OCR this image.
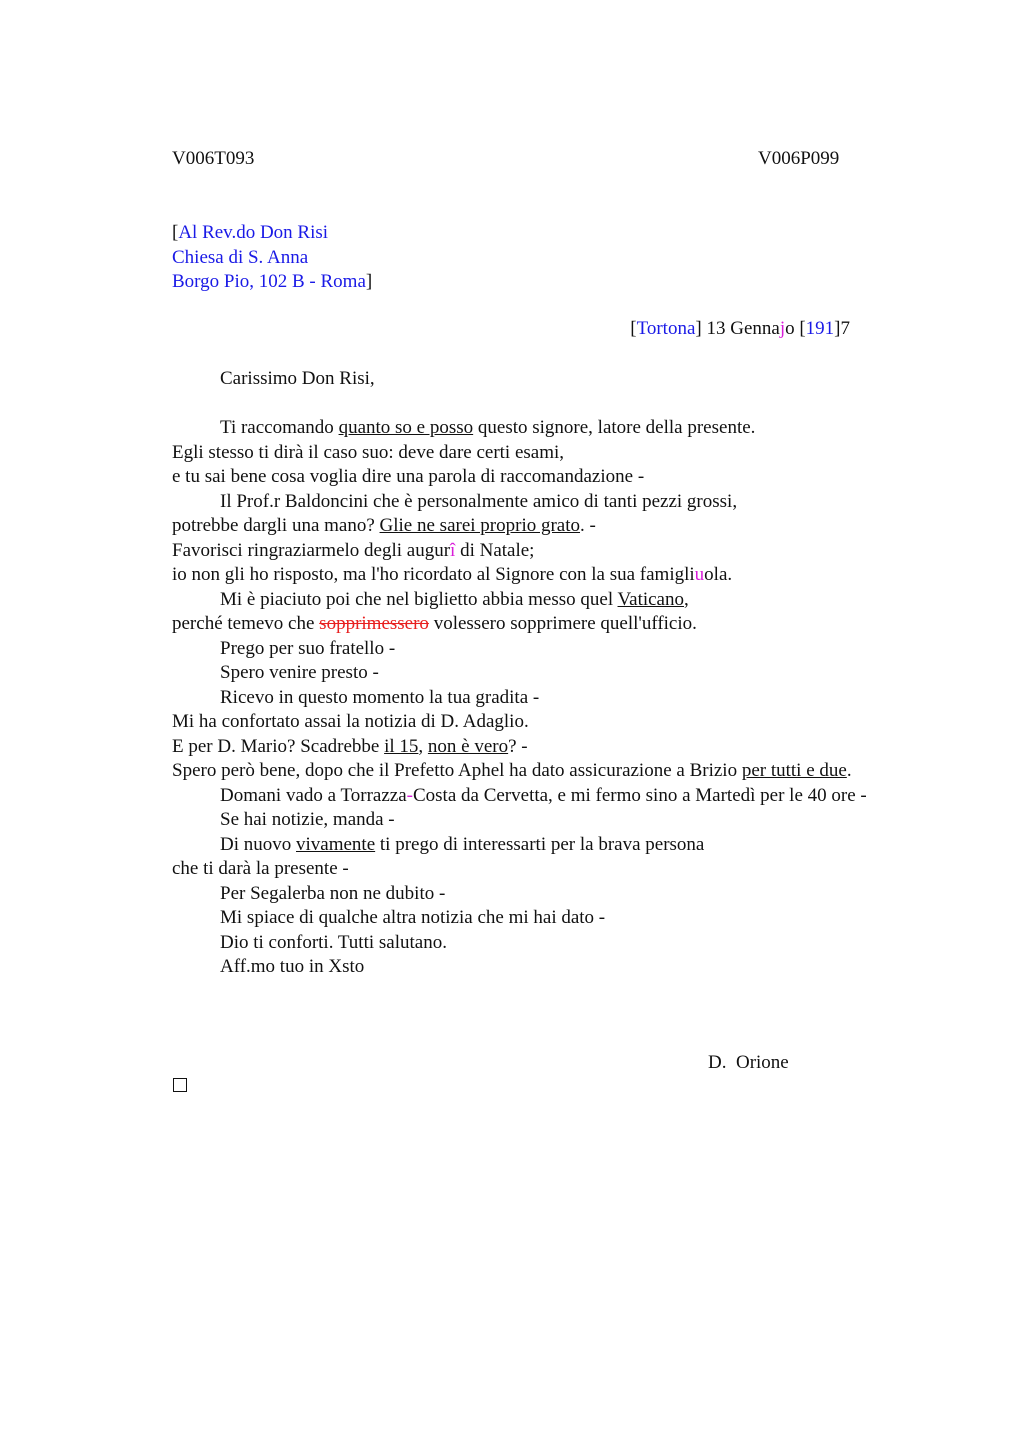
V006T093	V006P099
[Al Rev.do Don Risi
Chiesa di S. Anna
Borgo Pio, 102 B - Roma]
[Tortona] 13 Gennajo [191]7
Carissimo Don Risi,
Ti raccomando quanto so e posso questo signore, latore della presente.
Egli stesso ti dirà il caso suo: deve dare certi esami,
e tu sai bene cosa voglia dire una parola di raccomandazione -
Il Prof.r Baldoncini che è personalmente amico di tanti pezzi grossi,
potrebbe dargli una mano? Glie ne sarei proprio grato. -
Favorisci ringraziarmelo degli augurî di Natale;
io non gli ho risposto, ma l'ho ricordato al Signore con la sua famigliuola.
Mi è piaciuto poi che nel biglietto abbia messo quel Vaticano,
perché temevo che sopprimessero volessero sopprimere quell'ufficio.
Prego per suo fratello -
Spero venire presto -
Ricevo in questo momento la tua gradita -
Mi ha confortato assai la notizia di D. Adaglio.
E per D. Mario? Scadrebbe il 15, non è vero? -
Spero però bene, dopo che il Prefetto Aphel ha dato assicurazione a Brizio per tutti e due.
Domani vado a Torrazza-Costa da Cervetta, e mi fermo sino a Martedì per le 40 ore -
Se hai notizie, manda -
Di nuovo vivamente ti prego di interessarti per la brava persona
che ti darà la presente -
Per Segalerba non ne dubito -
Mi spiace di qualche altra notizia che mi hai dato -
Dio ti conforti. Tutti salutano.
Aff.mo tuo in Xsto
D.  Orione
